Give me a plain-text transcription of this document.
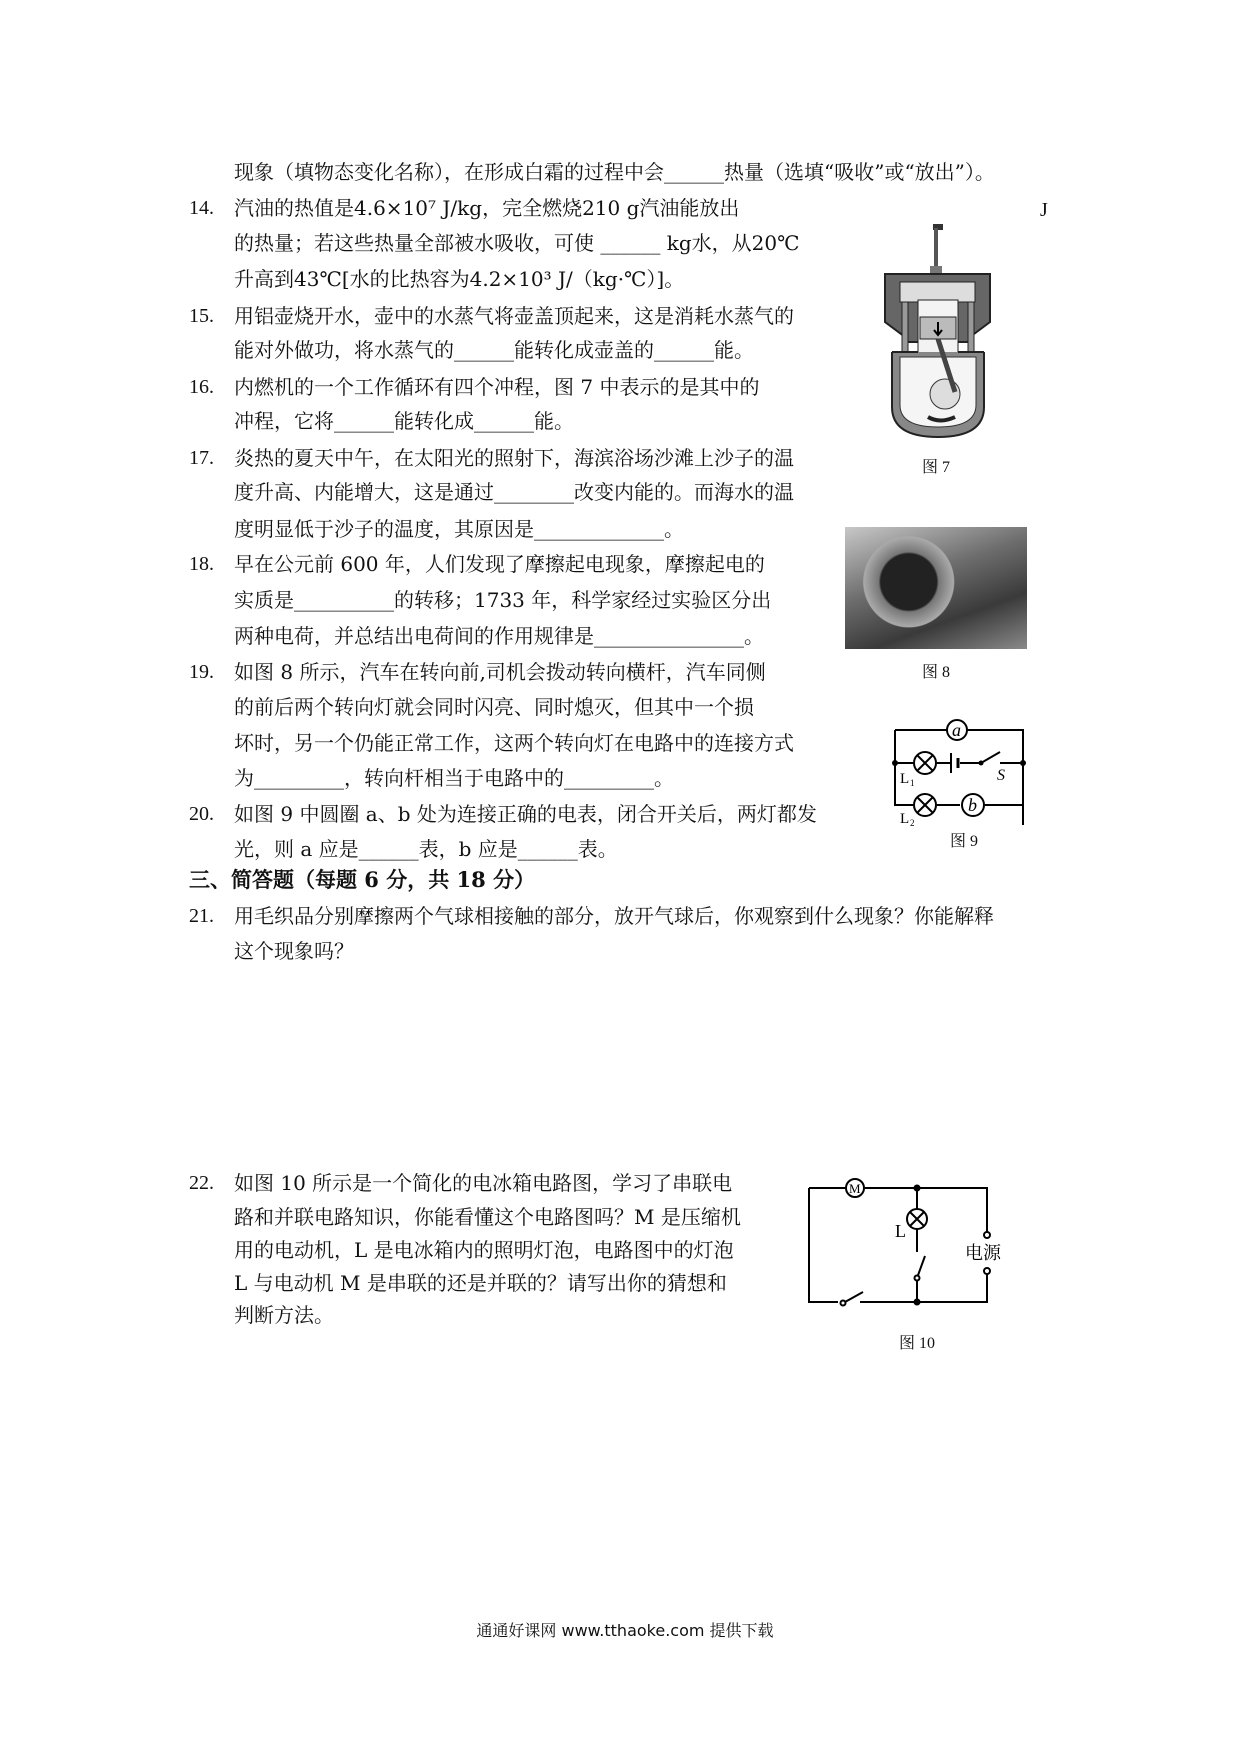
现象（填物态变化名称），在形成白霜的过程中会______热量（选填“吸收”或“放出”）。
14. 汽油的热值是4.6×10⁷ J/kg，完全燃烧210 g汽油能放出
的热量；若这些热量全部被水吸收，可使 ______ kg水，从20℃
升高到43℃[水的比热容为4.2×10³ J/（kg·℃）]。
15. 用铝壶烧开水，壶中的水蒸气将壶盖顶起来，这是消耗水蒸气的
能对外做功，将水蒸气的______能转化成壶盖的______能。
16. 内燃机的一个工作循环有四个冲程，图 7 中表示的是其中的
冲程，它将______能转化成______能。
17. 炎热的夏天中午，在太阳光的照射下，海滨浴场沙滩上沙子的温
度升高、内能增大，这是通过________改变内能的。而海水的温
度明显低于沙子的温度，其原因是_____________。
18. 早在公元前 600 年，人们发现了摩擦起电现象，摩擦起电的
实质是__________的转移；1733 年，科学家经过实验区分出
两种电荷，并总结出电荷间的作用规律是_______________。
19. 如图 8 所示，汽车在转向前,司机会拨动转向横杆，汽车同侧
的前后两个转向灯就会同时闪亮、同时熄灭，但其中一个损
坏时，另一个仍能正常工作，这两个转向灯在电路中的连接方式
为_________，转向杆相当于电路中的_________。
20. 如图 9 中圆圈 a、b 处为连接正确的电表，闭合开关后，两灯都发
光，则 a 应是______表，b 应是______表。
J
三、简答题（每题 6 分，共 18 分）
21. 用毛织品分别摩擦两个气球相接触的部分，放开气球后，你观察到什么现象？你能解释
这个现象吗？
22. 如图 10 所示是一个简化的电冰箱电路图，学习了串联电
路和并联电路知识，你能看懂这个电路图吗？M 是压缩机
用的电动机，L 是电冰箱内的照明灯泡，电路图中的灯泡
L 与电动机 M 是串联的还是并联的？请写出你的猜想和
判断方法。
图 7
图 8
a
b
S
L 1
L 2
图 9
M
L
电源
图 10
通通好课网 www.tthaoke.com 提供下载
